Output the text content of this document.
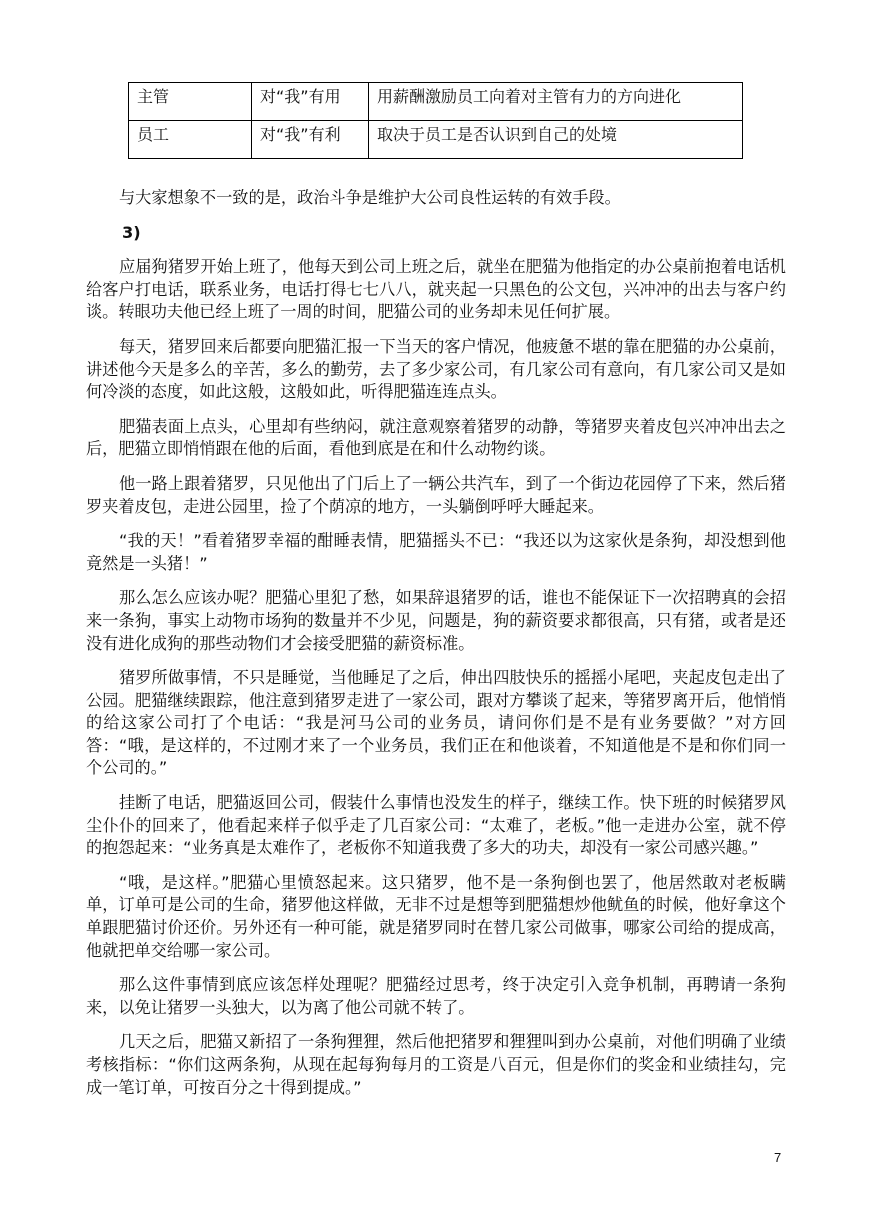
主管	对“我”有用	用薪酬激励员工向着对主管有力的方向进化
员工	对“我”有利	取决于员工是否认识到自己的处境

与大家想象不一致的是，政治斗争是维护大公司良性运转的有效手段。

3)

应届狗猪罗开始上班了，他每天到公司上班之后，就坐在肥猫为他指定的办公桌前抱着电话机给客户打电话，联系业务，电话打得七七八八，就夹起一只黑色的公文包，兴冲冲的出去与客户约谈。转眼功夫他已经上班了一周的时间，肥猫公司的业务却未见任何扩展。

每天，猪罗回来后都要向肥猫汇报一下当天的客户情况，他疲惫不堪的靠在肥猫的办公桌前，讲述他今天是多么的辛苦，多么的勤劳，去了多少家公司，有几家公司有意向，有几家公司又是如何冷淡的态度，如此这般，这般如此，听得肥猫连连点头。

肥猫表面上点头，心里却有些纳闷，就注意观察着猪罗的动静，等猪罗夹着皮包兴冲冲出去之后，肥猫立即悄悄跟在他的后面，看他到底是在和什么动物约谈。

他一路上跟着猪罗，只见他出了门后上了一辆公共汽车，到了一个街边花园停了下来，然后猪罗夹着皮包，走进公园里，捡了个荫凉的地方，一头躺倒呼呼大睡起来。

“我的天！”看着猪罗幸福的酣睡表情，肥猫摇头不已：“我还以为这家伙是条狗，却没想到他竟然是一头猪！”

那么怎么应该办呢？肥猫心里犯了愁，如果辞退猪罗的话，谁也不能保证下一次招聘真的会招来一条狗，事实上动物市场狗的数量并不少见，问题是，狗的薪资要求都很高，只有猪，或者是还没有进化成狗的那些动物们才会接受肥猫的薪资标准。

猪罗所做事情，不只是睡觉，当他睡足了之后，伸出四肢快乐的摇摇小尾吧，夹起皮包走出了公园。肥猫继续跟踪，他注意到猪罗走进了一家公司，跟对方攀谈了起来，等猪罗离开后，他悄悄的给这家公司打了个电话：“我是河马公司的业务员，请问你们是不是有业务要做？”对方回答：“哦，是这样的，不过刚才来了一个业务员，我们正在和他谈着，不知道他是不是和你们同一个公司的。”

挂断了电话，肥猫返回公司，假装什么事情也没发生的样子，继续工作。快下班的时候猪罗风尘仆仆的回来了，他看起来样子似乎走了几百家公司：“太难了，老板。”他一走进办公室，就不停的抱怨起来：“业务真是太难作了，老板你不知道我费了多大的功夫，却没有一家公司感兴趣。”

“哦，是这样。”肥猫心里愤怒起来。这只猪罗，他不是一条狗倒也罢了，他居然敢对老板瞒单，订单可是公司的生命，猪罗他这样做，无非不过是想等到肥猫想炒他鱿鱼的时候，他好拿这个单跟肥猫讨价还价。另外还有一种可能，就是猪罗同时在替几家公司做事，哪家公司给的提成高，他就把单交给哪一家公司。

那么这件事情到底应该怎样处理呢？肥猫经过思考，终于决定引入竞争机制，再聘请一条狗来，以免让猪罗一头独大，以为离了他公司就不转了。

几天之后，肥猫又新招了一条狗狸狸，然后他把猪罗和狸狸叫到办公桌前，对他们明确了业绩考核指标：“你们这两条狗，从现在起每狗每月的工资是八百元，但是你们的奖金和业绩挂勾，完成一笔订单，可按百分之十得到提成。”

7
